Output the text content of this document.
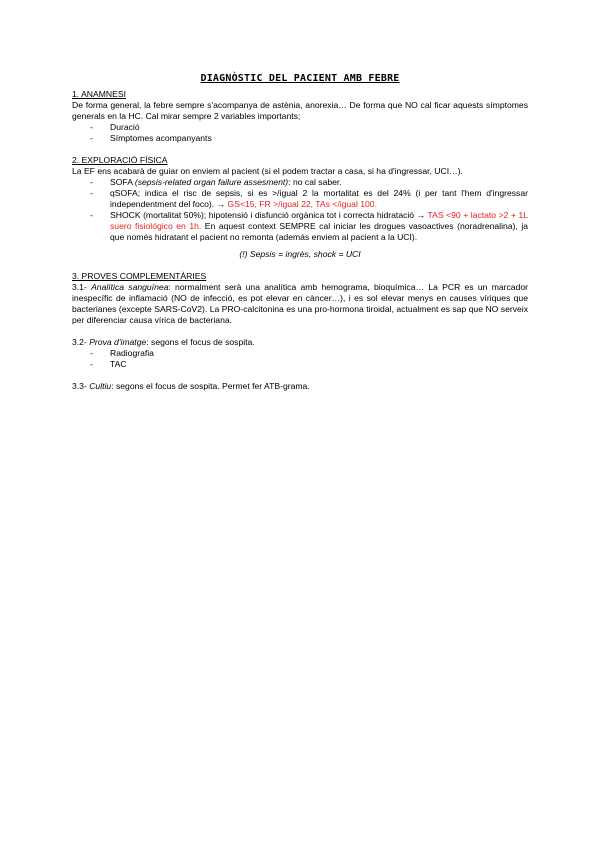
DIAGNÒSTIC DEL PACIENT AMB FEBRE
1. ANAMNESI

De forma general, la febre sempre s'acompanya de astènia, anorexia… De forma que NO cal ficar aquests símptomes generals en la HC. Cal mirar sempre 2 variables importants;

- Duració
- Símptomes acompanyants
2. EXPLORACIÓ FÍSICA

La EF ens acabarà de guiar on enviem al pacient (si el podem tractar a casa, si ha d'ingressar, UCI…).

- SOFA (sepsis-related organ failure assesment): no cal saber.
- qSOFA; indica el risc de sepsis, si es >/igual 2 la mortalitat es del 24% (i per tant l'hem d'ingressar independentment del foco). → GS<15, FR >/igual 22, TAs </igual 100.
- SHOCK (mortalitat 50%); hipotensió i disfunció orgànica tot i correcta hidratació → TAS <90 + lactato >2 + 1L suero fisiológico en 1h. En aquest context SEMPRE cal iniciar les drogues vasoactives (noradrenalina), ja que només hidratant el pacient no remonta (además enviem al pacient a la UCI).

(!) Sepsis = ingrès, shock = UCI

3. PROVES COMPLEMENTÀRIES

3.1- Analítica sanguínea: normalment serà una analítica amb hemograma, bioquímica… La PCR es un marcador inespecífic de inflamació (NO de infecció, es pot elevar en càncer…), i es sol elevar menys en causes víriques que bacterianes (excepte SARS-CoV2). La PRO-calcitonina es una pro-hormona tiroidal, actualment es sap que NO serveix per diferenciar causa vírica de bacteriana.

3.2- Prova d'imatge: segons el focus de sospita.

- Radiografia
- TAC

3.3- Cultiu: segons el focus de sospita. Permet fer ATB-grama.
